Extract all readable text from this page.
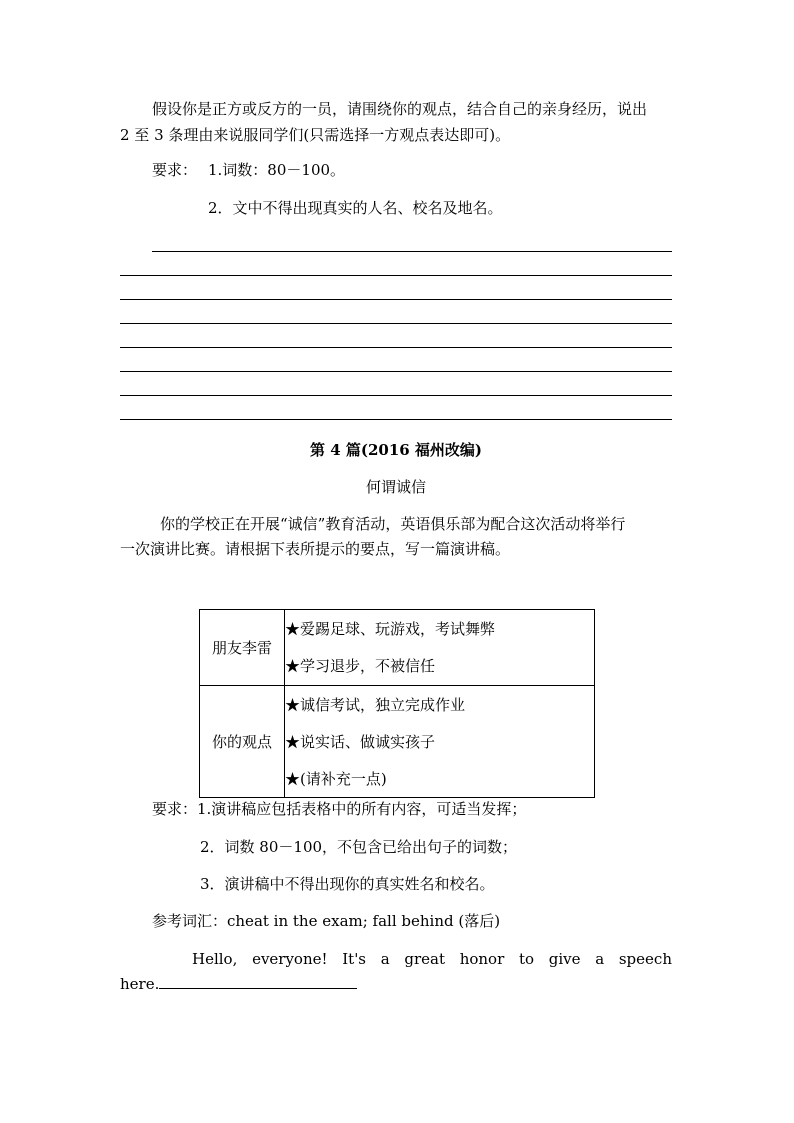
假设你是正方或反方的一员，请围绕你的观点，结合自己的亲身经历，说出
2 至 3 条理由来说服同学们(只需选择一方观点表达即可)。
要求： 1.词数：80－100。
2．文中不得出现真实的人名、校名及地名。
第 4 篇(2016 福州改编)
何谓诚信
你的学校正在开展“诚信”教育活动，英语俱乐部为配合这次活动将举行
一次演讲比赛。请根据下表所提示的要点，写一篇演讲稿。
朋友李雷	★爱踢足球、玩游戏，考试舞弊
★学习退步，不被信任

你的观点	★诚信考试，独立完成作业
★说实话、做诚实孩子
★(请补充一点)
要求：1.演讲稿应包括表格中的所有内容，可适当发挥；
2．词数 80－100，不包含已给出句子的词数；
3．演讲稿中不得出现你的真实姓名和校名。
参考词汇：cheat in the exam; fall behind (落后)
Hello, everyone! It's a great honor to give a speech
here.
